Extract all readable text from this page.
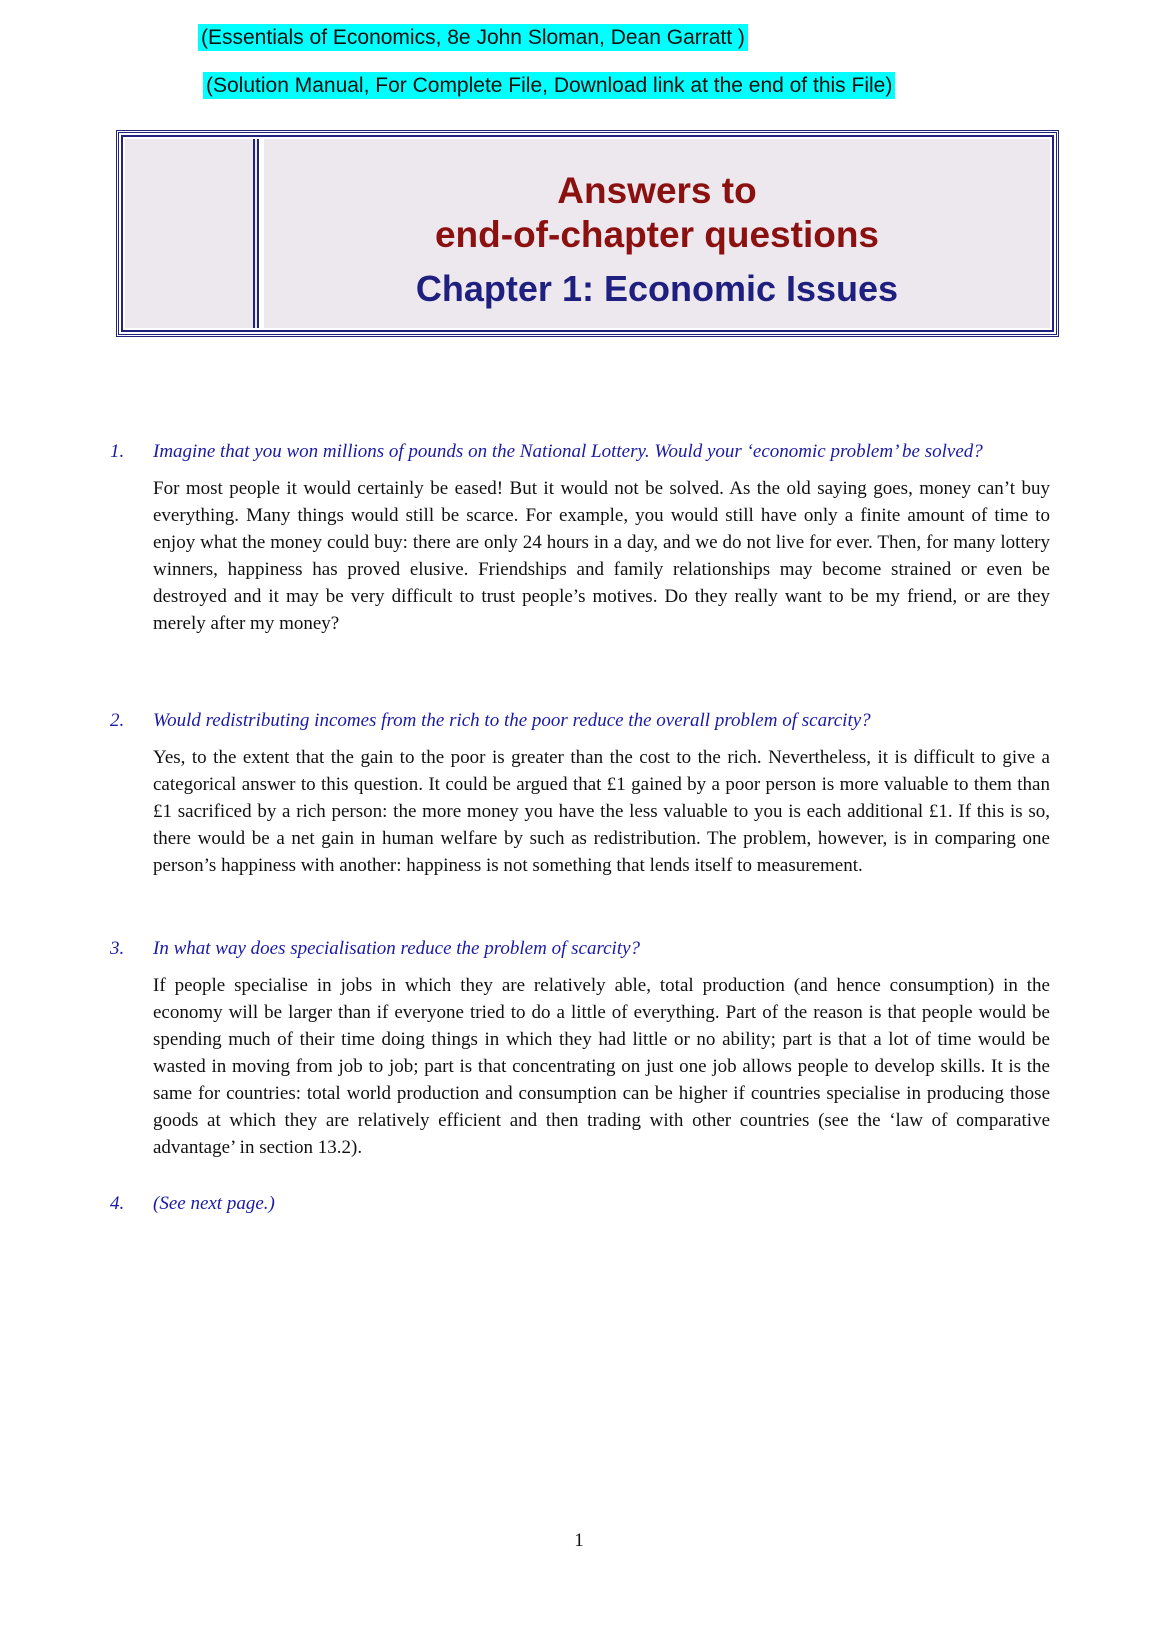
(Essentials of Economics, 8e John Sloman, Dean Garratt )
(Solution Manual, For Complete File, Download link at the end of this File)
Answers to
end-of-chapter questions
Chapter 1: Economic Issues
1. Imagine that you won millions of pounds on the National Lottery. Would your ‘economic problem’ be solved?
For most people it would certainly be eased! But it would not be solved. As the old saying goes, money can’t buy everything. Many things would still be scarce. For example, you would still have only a finite amount of time to enjoy what the money could buy: there are only 24 hours in a day, and we do not live for ever. Then, for many lottery winners, happiness has proved elusive. Friendships and family relationships may become strained or even be destroyed and it may be very difficult to trust people’s motives. Do they really want to be my friend, or are they merely after my money?
2. Would redistributing incomes from the rich to the poor reduce the overall problem of scarcity?
Yes, to the extent that the gain to the poor is greater than the cost to the rich. Nevertheless, it is difficult to give a categorical answer to this question. It could be argued that £1 gained by a poor person is more valuable to them than £1 sacrificed by a rich person: the more money you have the less valuable to you is each additional £1. If this is so, there would be a net gain in human welfare by such as redistribution. The problem, however, is in comparing one person’s happiness with another: happiness is not something that lends itself to measurement.
3. In what way does specialisation reduce the problem of scarcity?
If people specialise in jobs in which they are relatively able, total production (and hence consumption) in the economy will be larger than if everyone tried to do a little of everything. Part of the reason is that people would be spending much of their time doing things in which they had little or no ability; part is that a lot of time would be wasted in moving from job to job; part is that concentrating on just one job allows people to develop skills. It is the same for countries: total world production and consumption can be higher if countries specialise in producing those goods at which they are relatively efficient and then trading with other countries (see the ‘law of comparative advantage’ in section 13.2).
4. (See next page.)
1
